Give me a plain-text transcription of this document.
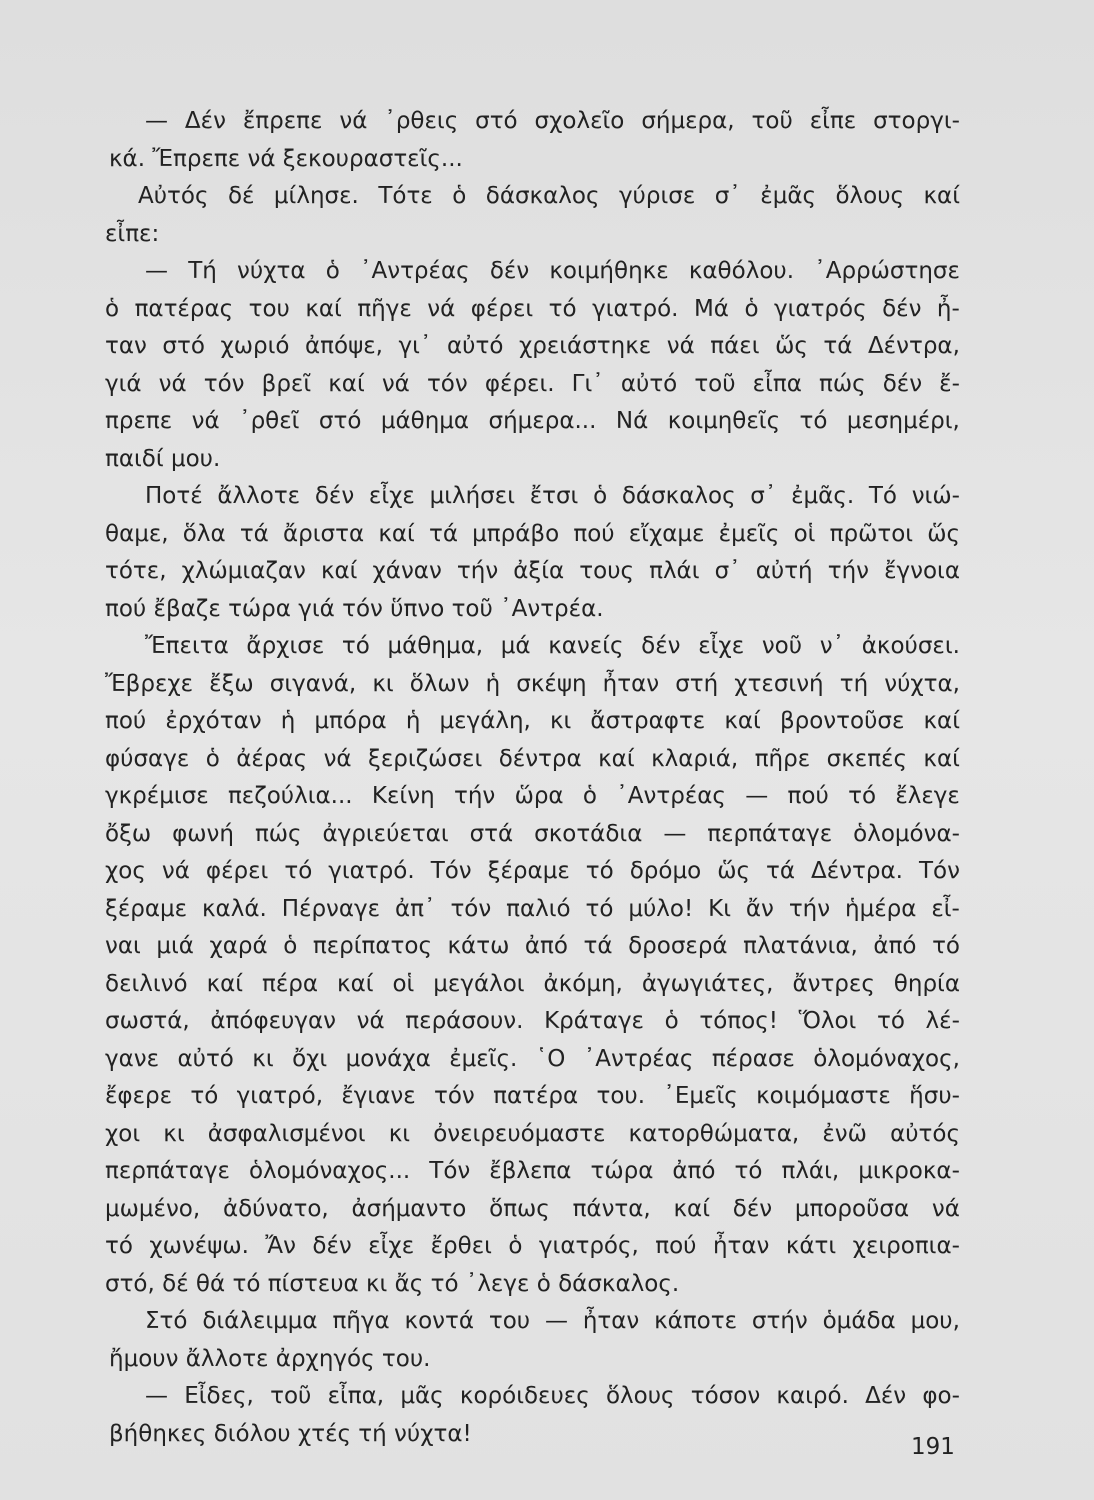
— Δέν ἔπρεπε νά ᾿ρθεις στό σχολεῖο σήμερα, τοῦ εἶπε στοργι-
κά. Ἔπρεπε νά ξεκουραστεῖς...
Αὐτός δέ μίλησε. Τότε ὁ δάσκαλος γύρισε σ᾿ ἐμᾶς ὅλους καί
εἶπε:
— Τή νύχτα ὁ ᾿Αντρέας δέν κοιμήθηκε καθόλου. ᾿Αρρώστησε
ὁ πατέρας του καί πῆγε νά φέρει τό γιατρό. Μά ὁ γιατρός δέν ἦ-
ταν στό χωριό ἀπόψε, γι᾿ αὐτό χρειάστηκε νά πάει ὥς τά Δέντρα,
γιά νά τόν βρεῖ καί νά τόν φέρει. Γι᾿ αὐτό τοῦ εἶπα πώς δέν ἔ-
πρεπε νά ᾿ρθεῖ στό μάθημα σήμερα... Νά κοιμηθεῖς τό μεσημέρι,
παιδί μου.
Ποτέ ἄλλοτε δέν εἶχε μιλήσει ἔτσι ὁ δάσκαλος σ᾿ ἐμᾶς. Τό νιώ-
θαμε, ὅλα τά ἄριστα καί τά μπράβο πού εἴχαμε ἐμεῖς οἱ πρῶτοι ὥς
τότε, χλώμιαζαν καί χάναν τήν ἀξία τους πλάι σ᾿ αὐτή τήν ἔγνοια
πού ἔβαζε τώρα γιά τόν ὕπνο τοῦ ᾿Αντρέα.
Ἔπειτα ἄρχισε τό μάθημα, μά κανείς δέν εἶχε νοῦ ν᾿ ἀκούσει.
Ἔβρεχε ἔξω σιγανά, κι ὅλων ἡ σκέψη ἦταν στή χτεσινή τή νύχτα,
πού ἐρχόταν ἡ μπόρα ἡ μεγάλη, κι ἄστραφτε καί βροντοῦσε καί
φύσαγε ὁ ἀέρας νά ξεριζώσει δέντρα καί κλαριά, πῆρε σκεπές καί
γκρέμισε πεζούλια... Κείνη τήν ὥρα ὁ ᾿Αντρέας — πού τό ἔλεγε
ὄξω φωνή πώς ἀγριεύεται στά σκοτάδια — περπάταγε ὁλομόνα-
χος νά φέρει τό γιατρό. Τόν ξέραμε τό δρόμο ὥς τά Δέντρα. Τόν
ξέραμε καλά. Πέρναγε ἀπ᾿ τόν παλιό τό μύλο! Κι ἄν τήν ἡμέρα εἶ-
ναι μιά χαρά ὁ περίπατος κάτω ἀπό τά δροσερά πλατάνια, ἀπό τό
δειλινό καί πέρα καί οἱ μεγάλοι ἀκόμη, ἀγωγιάτες, ἄντρες θηρία
σωστά, ἀπόφευγαν νά περάσουν. Κράταγε ὁ τόπος! Ὅλοι τό λέ-
γανε αὐτό κι ὄχι μονάχα ἐμεῖς. ῾Ο ᾿Αντρέας πέρασε ὁλομόναχος,
ἔφερε τό γιατρό, ἔγιανε τόν πατέρα του. ᾿Εμεῖς κοιμόμαστε ἥσυ-
χοι κι ἀσφαλισμένοι κι ὀνειρευόμαστε κατορθώματα, ἐνῶ αὐτός
περπάταγε ὁλομόναχος... Τόν ἔβλεπα τώρα ἀπό τό πλάι, μικροκα-
μωμένο, ἀδύνατο, ἀσήμαντο ὅπως πάντα, καί δέν μποροῦσα νά
τό χωνέψω. Ἄν δέν εἶχε ἔρθει ὁ γιατρός, πού ἦταν κάτι χειροπια-
στό, δέ θά τό πίστευα κι ἄς τό ᾿λεγε ὁ δάσκαλος.
Στό διάλειμμα πῆγα κοντά του — ἦταν κάποτε στήν ὁμάδα μου,
ἤμουν ἄλλοτε ἀρχηγός του.
— Εἶδες, τοῦ εἶπα, μᾶς κορόιδευες ὅλους τόσον καιρό. Δέν φο-
βήθηκες διόλου χτές τή νύχτα!
191
